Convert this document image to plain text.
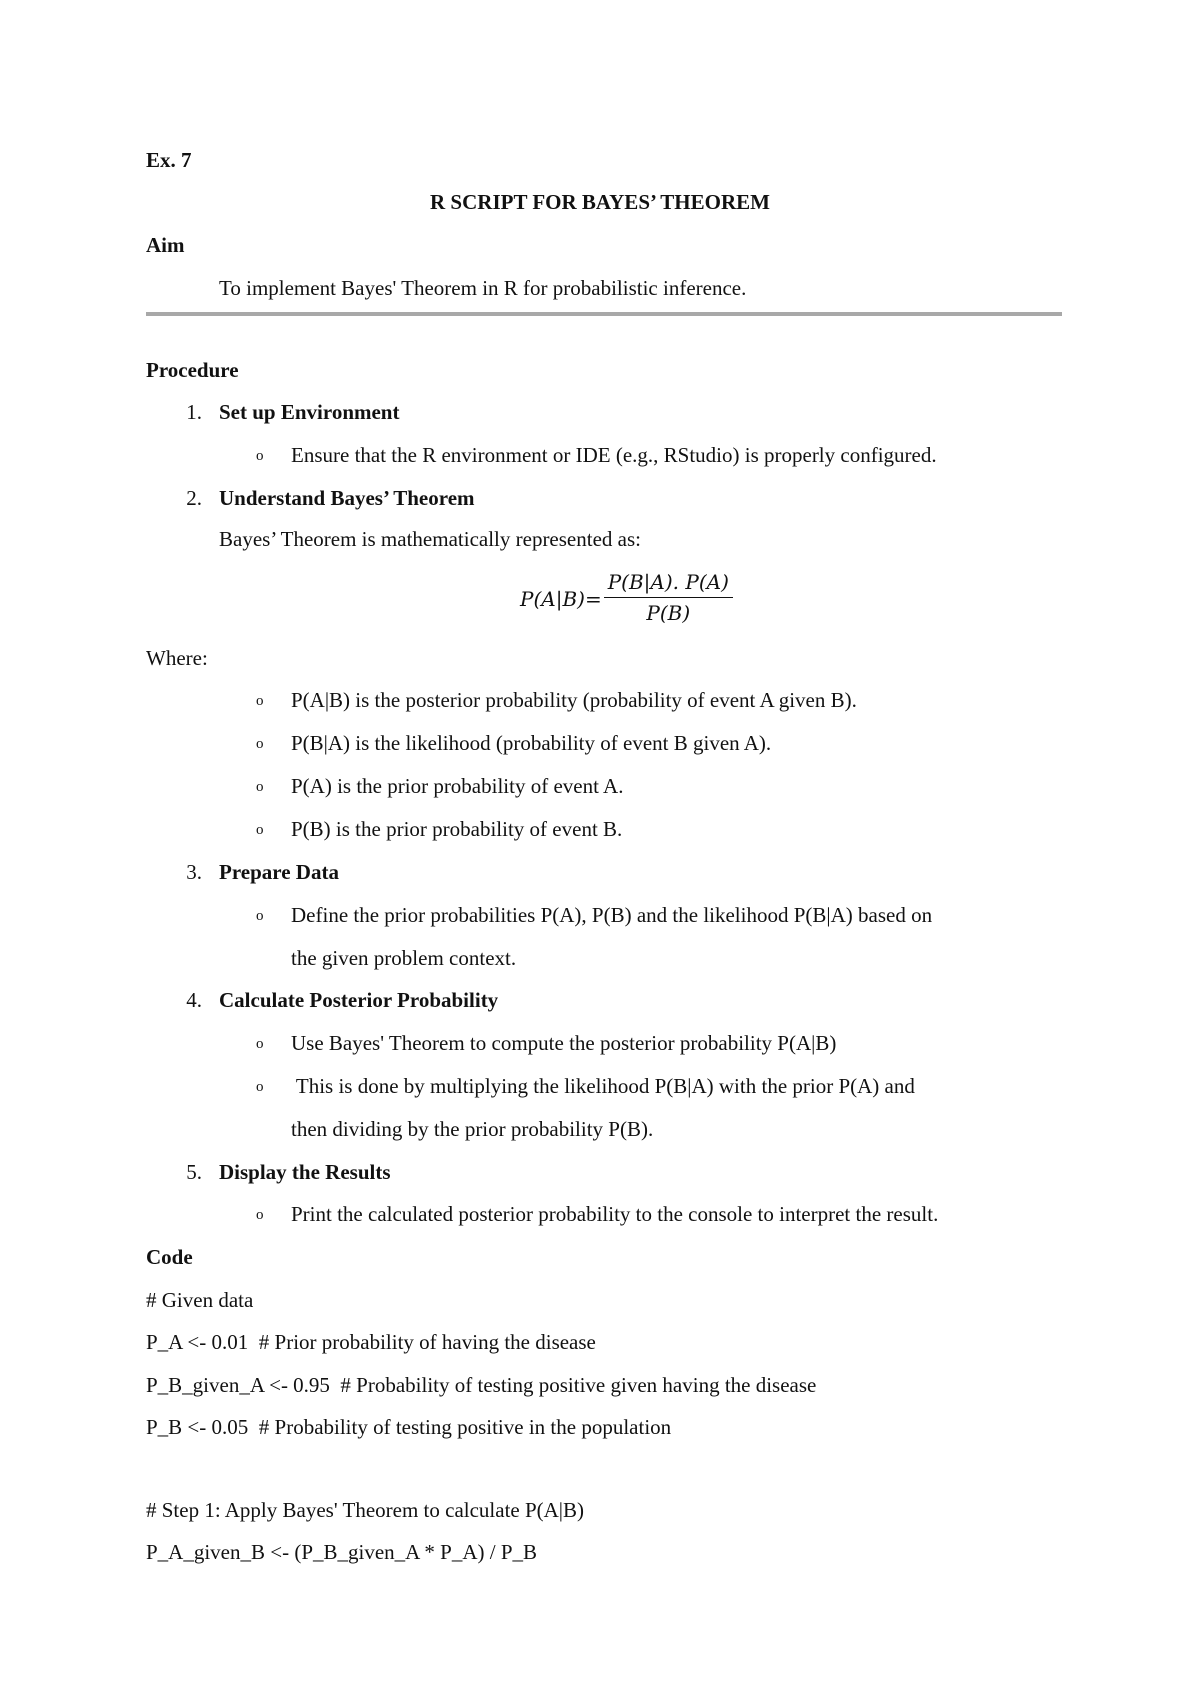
Ex. 7
R SCRIPT FOR BAYES’ THEOREM
Aim
To implement Bayes' Theorem in R for probabilistic inference.
Procedure
1. Set up Environment
o	Ensure that the R environment or IDE (e.g., RStudio) is properly configured.
2. Understand Bayes’ Theorem
Bayes’ Theorem is mathematically represented as:
$P(A|B)= \frac{P(B|A). P(A)}{P(B)}$
Where:
o	P(A|B) is the posterior probability (probability of event A given B).
o	P(B|A) is the likelihood (probability of event B given A).
o	P(A) is the prior probability of event A.
o	P(B) is the prior probability of event B.
3. Prepare Data
o	Define the prior probabilities P(A), P(B) and the likelihood P(B|A) based on
the given problem context.
4. Calculate Posterior Probability
o	Use Bayes' Theorem to compute the posterior probability P(A|B)
o	This is done by multiplying the likelihood P(B|A) with the prior P(A) and
then dividing by the prior probability P(B).
5. Display the Results
o	Print the calculated posterior probability to the console to interpret the result.
Code
# Given data
P_A <- 0.01  # Prior probability of having the disease
P_B_given_A <- 0.95  # Probability of testing positive given having the disease
P_B <- 0.05  # Probability of testing positive in the population
# Step 1: Apply Bayes' Theorem to calculate P(A|B)
P_A_given_B <- (P_B_given_A * P_A) / P_B
